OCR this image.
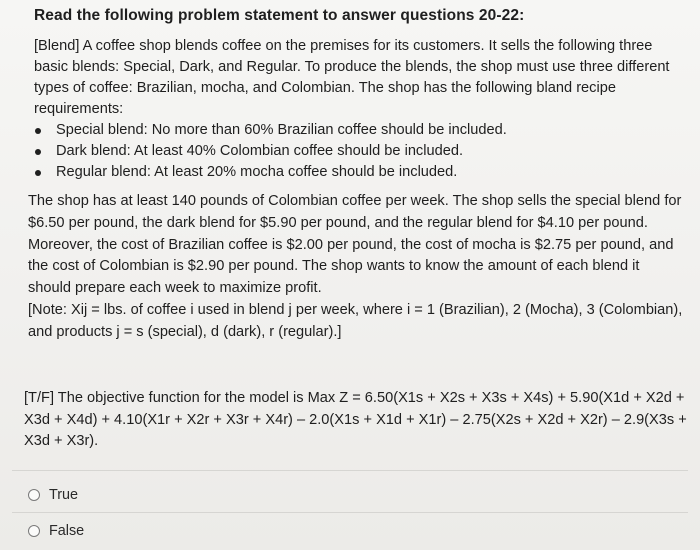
Read the following problem statement to answer questions 20-22:
[Blend] A coffee shop blends coffee on the premises for its customers. It sells the following three basic blends: Special, Dark, and Regular. To produce the blends, the shop must use three different types of coffee: Brazilian, mocha, and Colombian. The shop has the following bland recipe requirements:
Special blend: No more than 60% Brazilian coffee should be included.
Dark blend: At least 40% Colombian coffee should be included.
Regular blend: At least 20% mocha coffee should be included.
The shop has at least 140 pounds of Colombian coffee per week. The shop sells the special blend for $6.50 per pound, the dark blend for $5.90 per pound, and the regular blend for $4.10 per pound. Moreover, the cost of Brazilian coffee is $2.00 per pound, the cost of mocha is $2.75 per pound, and the cost of Colombian is $2.90 per pound. The shop wants to know the amount of each blend it should prepare each week to maximize profit.
[Note: Xij = lbs. of coffee i used in blend j per week, where i = 1 (Brazilian), 2 (Mocha), 3 (Colombian), and products j = s (special), d (dark), r (regular).]
[T/F] The objective function for the model is Max Z = 6.50(X1s + X2s + X3s + X4s) + 5.90(X1d + X2d + X3d + X4d) + 4.10(X1r + X2r + X3r + X4r) – 2.0(X1s + X1d + X1r) – 2.75(X2s + X2d + X2r) – 2.9(X3s + X3d + X3r).
True
False
